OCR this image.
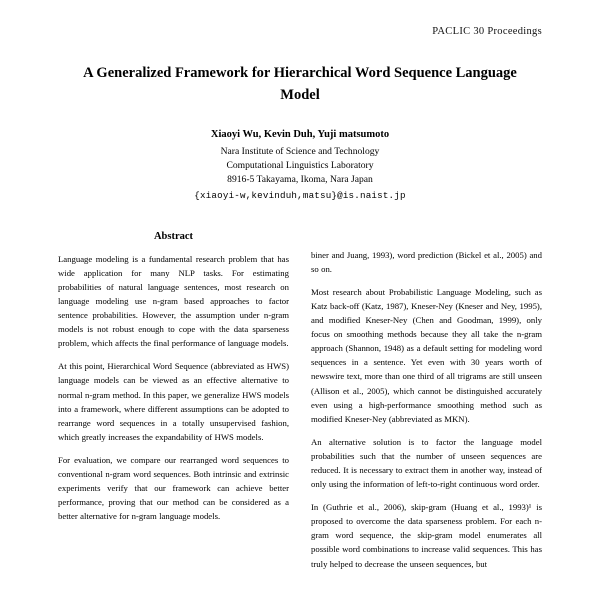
PACLIC 30 Proceedings
A Generalized Framework for Hierarchical Word Sequence Language Model
Xiaoyi Wu, Kevin Duh, Yuji matsumoto
Nara Institute of Science and Technology
Computational Linguistics Laboratory
8916-5 Takayama, Ikoma, Nara Japan
{xiaoyi-w,kevinduh,matsu}@is.naist.jp
Abstract

Language modeling is a fundamental research problem that has wide application for many NLP tasks. For estimating probabilities of natural language sentences, most research on language modeling use n-gram based approaches to factor sentence probabilities. However, the assumption under n-gram models is not robust enough to cope with the data sparseness problem, which affects the final performance of language models.

At this point, Hierarchical Word Sequence (abbreviated as HWS) language models can be viewed as an effective alternative to normal n-gram method. In this paper, we generalize HWS models into a framework, where different assumptions can be adopted to rearrange word sequences in a totally unsupervised fashion, which greatly increases the expandability of HWS models.

For evaluation, we compare our rearranged word sequences to conventional n-gram word sequences. Both intrinsic and extrinsic experiments verify that our framework can achieve better performance, proving that our method can be considered as a better alternative for n-gram language models.

biner and Juang, 1993), word prediction (Bickel et al., 2005) and so on.

Most research about Probabilistic Language Modeling, such as Katz back-off (Katz, 1987), Kneser-Ney (Kneser and Ney, 1995), and modified Kneser-Ney (Chen and Goodman, 1999), only focus on smoothing methods because they all take the n-gram approach (Shannon, 1948) as a default setting for modeling word sequences in a sentence. Yet even with 30 years worth of newswire text, more than one third of all trigrams are still unseen (Allison et al., 2005), which cannot be distinguished accurately even using a high-performance smoothing method such as modified Kneser-Ney (abbreviated as MKN).

An alternative solution is to factor the language model probabilities such that the number of unseen sequences are reduced. It is necessary to extract them in another way, instead of only using the information of left-to-right continuous word order.

In (Guthrie et al., 2006), skip-gram (Huang et al., 1993)¹ is proposed to overcome the data sparseness problem. For each n-gram word sequence, the skip-gram model enumerates all possible word combinations to increase valid sequences. This has truly helped to decrease the unseen sequences, but
